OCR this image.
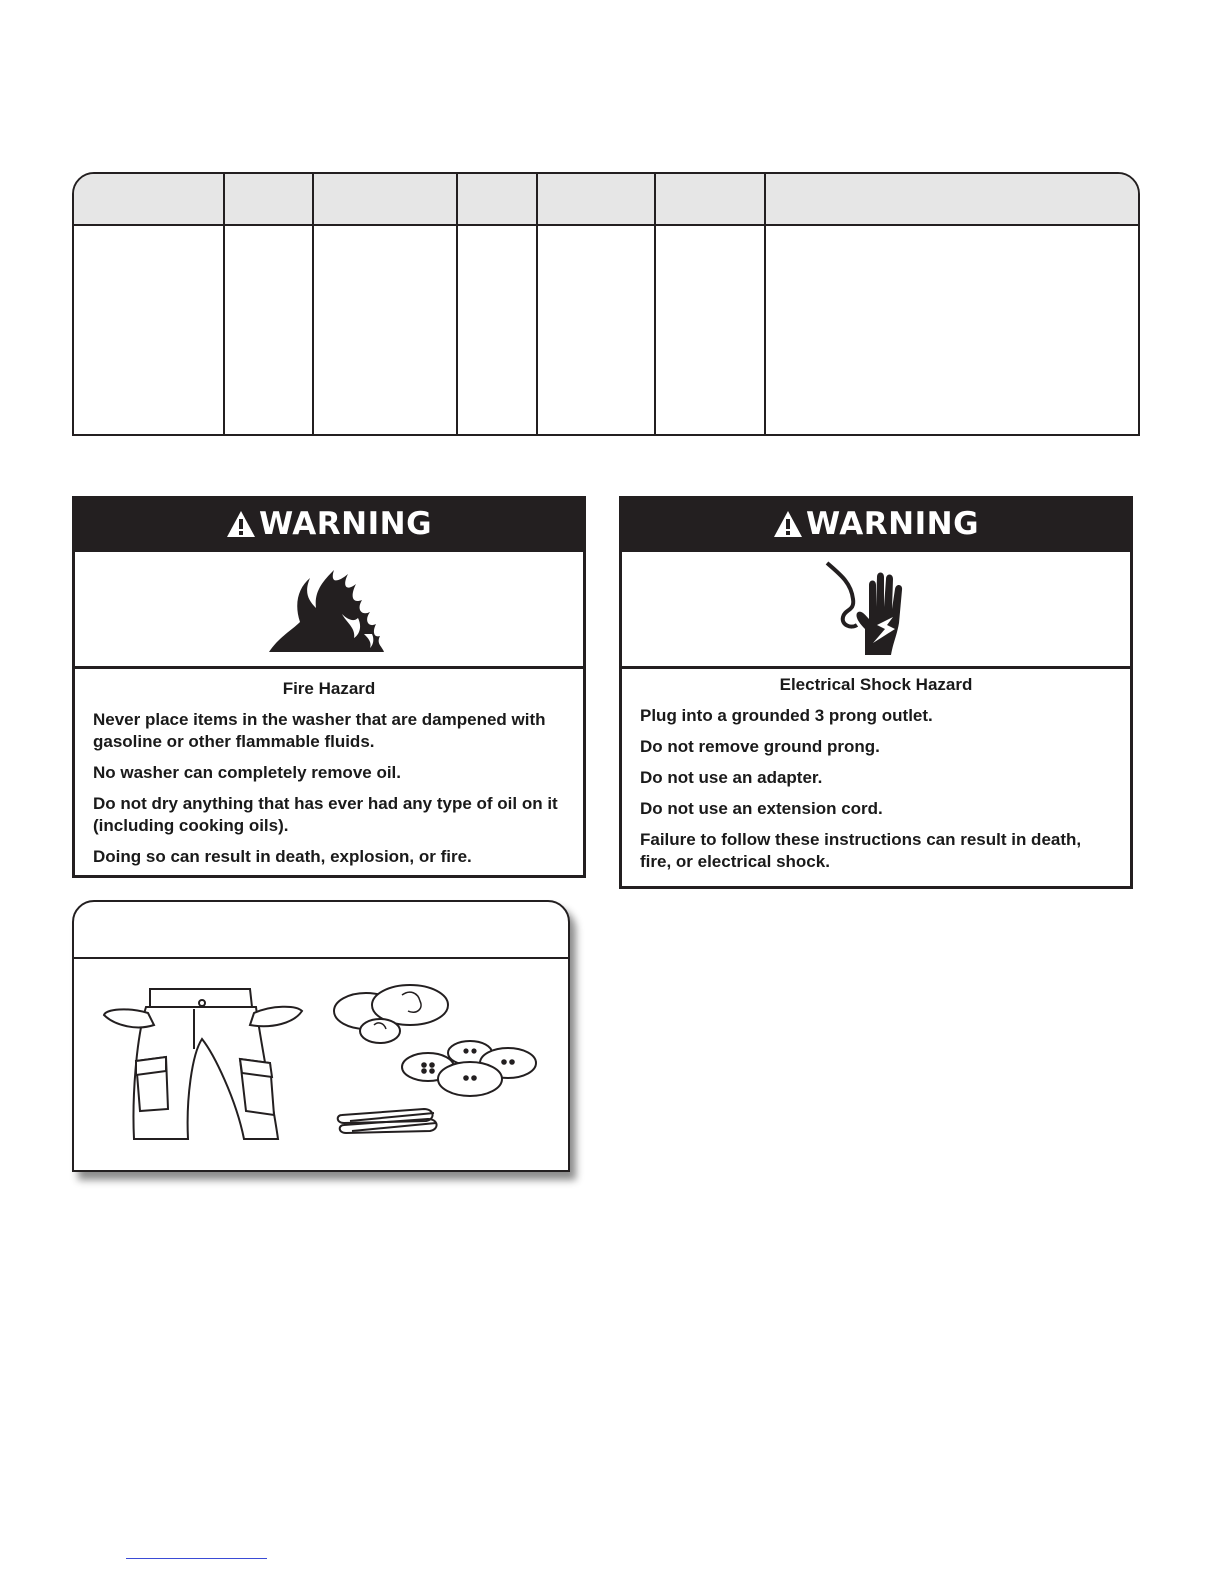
WARNING
Fire Hazard
Never place items in the washer that are dampened with gasoline or other flammable fluids.
No washer can completely remove oil.
Do not dry anything that has ever had any type of oil on it (including cooking oils).
Doing so can result in death, explosion, or fire.
WARNING
Electrical Shock Hazard
Plug into a grounded 3 prong outlet.
Do not remove ground prong.
Do not use an adapter.
Do not use an extension cord.
Failure to follow these instructions can result in death, fire, or electrical shock.
